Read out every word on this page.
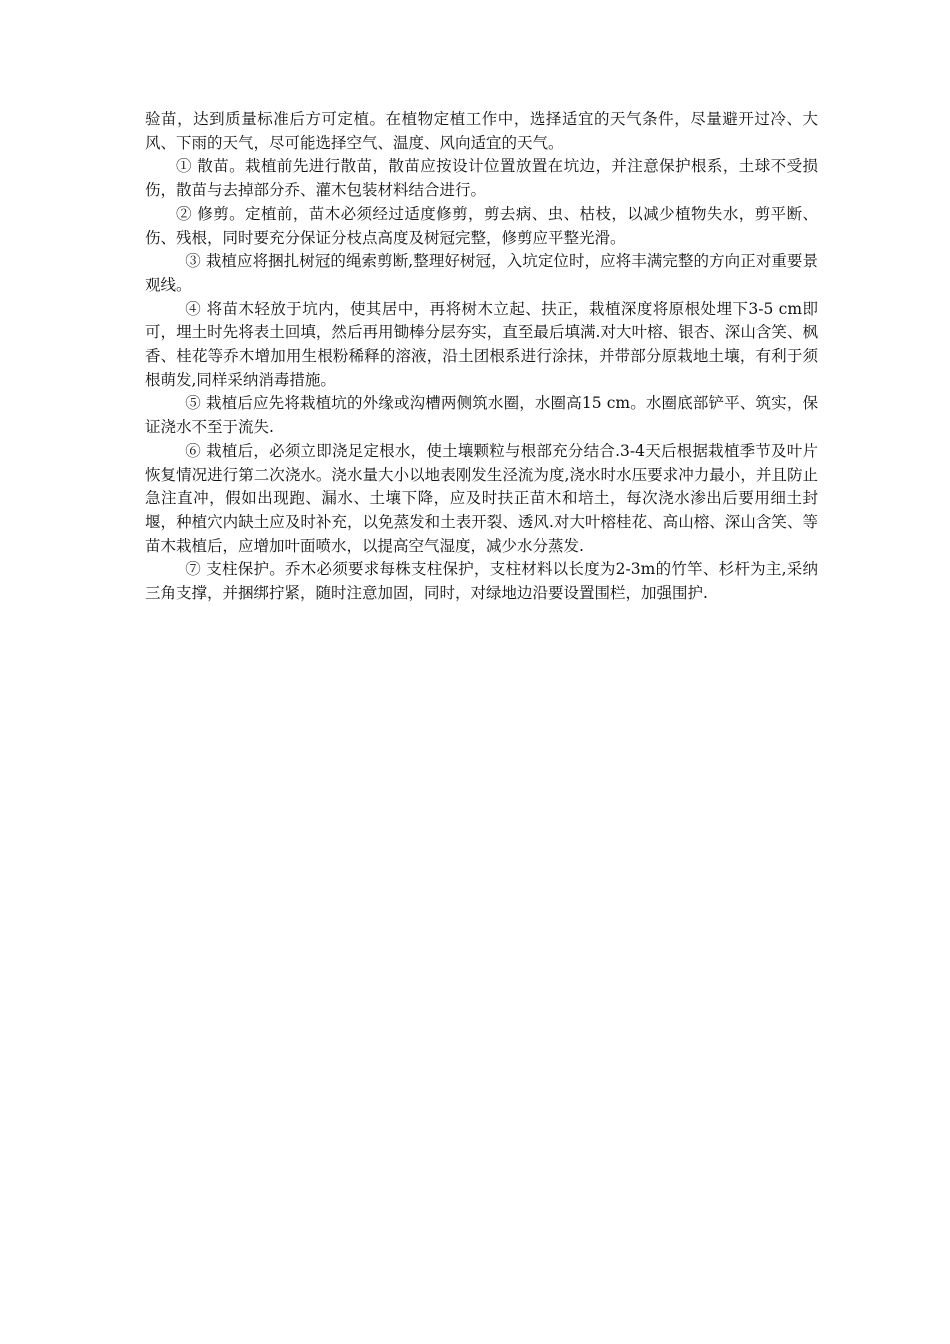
验苗，达到质量标准后方可定植。在植物定植工作中，选择适宜的天气条件，尽量避开过冷、大风、下雨的天气，尽可能选择空气、温度、风向适宜的天气。

① 散苗。栽植前先进行散苗，散苗应按设计位置放置在坑边，并注意保护根系，土球不受损伤，散苗与去掉部分乔、灌木包装材料结合进行。

② 修剪。定植前，苗木必须经过适度修剪，剪去病、虫、枯枝，以减少植物失水，剪平断、伤、残根，同时要充分保证分枝点高度及树冠完整，修剪应平整光滑。

③ 栽植应将捆扎树冠的绳索剪断,整理好树冠，入坑定位时，应将丰满完整的方向正对重要景观线。

④ 将苗木轻放于坑内，使其居中，再将树木立起、扶正，栽植深度将原根处埋下3-5 cm即可，埋土时先将表土回填，然后再用锄棒分层夯实，直至最后填满.对大叶榕、银杏、深山含笑、枫香、桂花等乔木增加用生根粉稀释的溶液，沿土团根系进行涂抹，并带部分原栽地土壤，有利于须根萌发,同样采纳消毒措施。

⑤ 栽植后应先将栽植坑的外缘或沟槽两侧筑水圈，水圈高15 cm。水圈底部铲平、筑实，保证浇水不至于流失.

⑥ 栽植后，必须立即浇足定根水，使土壤颗粒与根部充分结合.3-4天后根据栽植季节及叶片恢复情况进行第二次浇水。浇水量大小以地表刚发生泾流为度,浇水时水压要求冲力最小，并且防止急注直冲，假如出现跑、漏水、土壤下降，应及时扶正苗木和培土，每次浇水渗出后要用细土封堰，种植穴内缺土应及时补充，以免蒸发和土表开裂、透风.对大叶榕桂花、高山榕、深山含笑、等苗木栽植后，应增加叶面喷水，以提高空气湿度，减少水分蒸发.

⑦ 支柱保护。乔木必须要求每株支柱保护，支柱材料以长度为2-3m的竹竿、杉杆为主,采纳三角支撑，并捆绑拧紧，随时注意加固，同时，对绿地边沿要设置围栏，加强围护.
